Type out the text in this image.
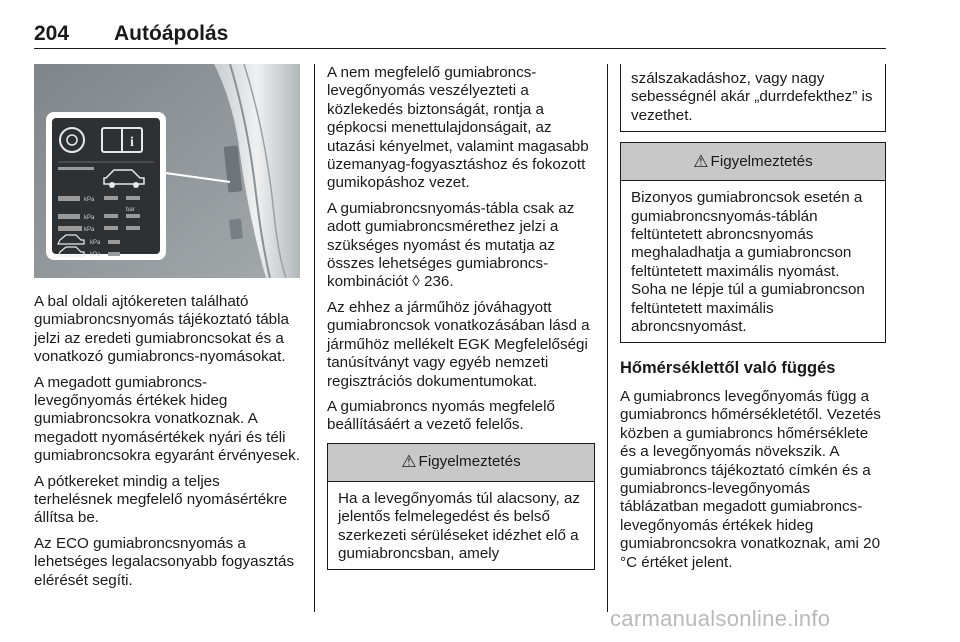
204 Autóápolás
i
kPa
bar
kPa
kPa
kPa
kPa

A bal oldali ajtókereten található gumiabroncsnyomás tájékoztató tábla jelzi az eredeti gumiabroncsokat és a vonatkozó gumiabroncs-nyomásokat.

A megadott gumiabroncs-levegőnyomás értékek hideg gumiabroncsokra vonatkoznak. A megadott nyomásértékek nyári és téli gumiabroncsokra egyaránt érvényesek.

A pótkereket mindig a teljes terhelésnek megfelelő nyomásértékre állítsa be.

Az ECO gumiabroncsnyomás a lehetséges legalacsonyabb fogyasztás elérését segíti.

A nem megfelelő gumiabroncs-levegőnyomás veszélyezteti a közlekedés biztonságát, rontja a gépkocsi menettulajdonságait, az utazási kényelmet, valamint magasabb üzemanyag-fogyasztáshoz és fokozott gumikopáshoz vezet.

A gumiabroncsnyomás-tábla csak az adott gumiabroncsmérethez jelzi a szükséges nyomást és mutatja az összes lehetséges gumiabroncs-kombinációt ◊ 236.

Az ehhez a járműhöz jóváhagyott gumiabroncsok vonatkozásában lásd a járműhöz mellékelt EGK Megfelelőségi tanúsítványt vagy egyéb nemzeti regisztrációs dokumentumokat.

A gumiabroncs nyomás megfelelő beállításáért a vezető felelős.

⚠ Figyelmeztetés
Ha a levegőnyomás túl alacsony, az jelentős felmelegedést és belső szerkezeti sérüléseket idézhet elő a gumiabroncsban, amely
szálszakadáshoz, vagy nagy sebességnél akár „durrdefekthez” is vezethet.
⚠ Figyelmeztetés
Bizonyos gumiabroncsok esetén a gumiabroncsnyomás-táblán feltüntetett abroncsnyomás meghaladhatja a gumiabroncson feltüntetett maximális nyomást. Soha ne lépje túl a gumiabroncson feltüntetett maximális abroncsnyomást.
Hőmérséklettől való függés

A gumiabroncs levegőnyomás függ a gumiabroncs hőmérsékletétől. Vezetés közben a gumiabroncs hőmérséklete és a levegőnyomás növekszik. A gumiabroncs tájékoztató címkén és a gumiabroncs-levegőnyomás táblázatban megadott gumiabroncs-levegőnyomás értékek hideg gumiabroncsokra vonatkoznak, ami 20 °C értéket jelent.

carmanualsonline.info
